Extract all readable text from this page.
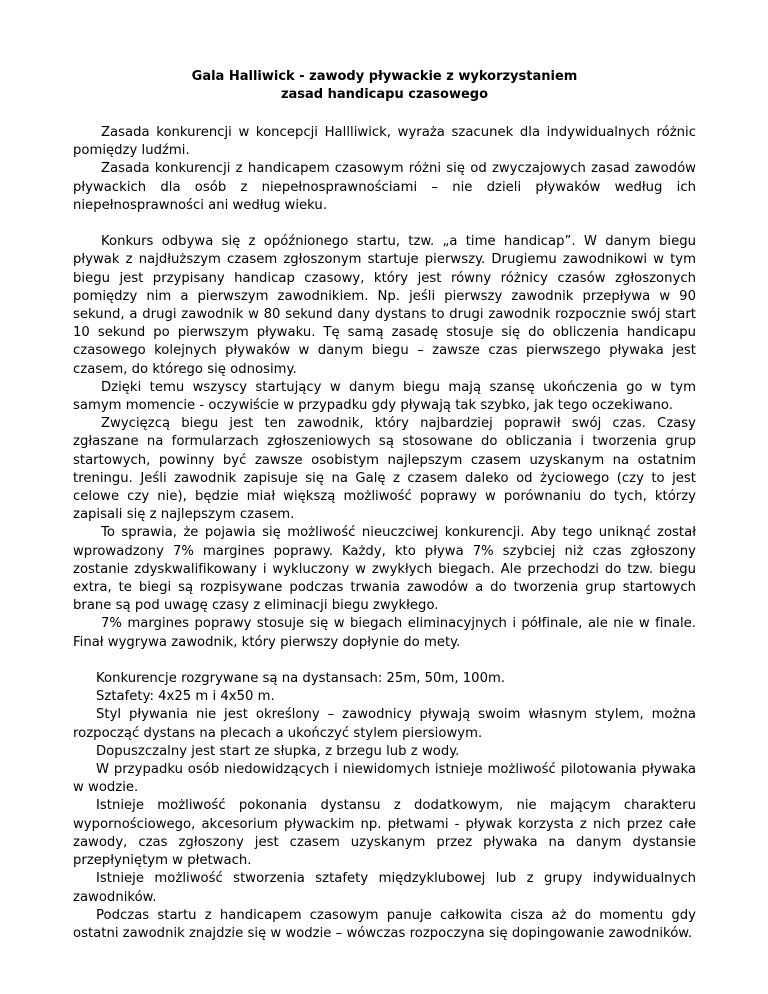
Gala Halliwick - zawody pływackie z wykorzystaniem
zasad handicapu czasowego

Zasada konkurencji w koncepcji Hallliwick, wyraża szacunek dla indywidualnych różnic pomiędzy ludźmi.

Zasada konkurencji z handicapem czasowym różni się od zwyczajowych zasad zawodów pływackich dla osób z niepełnosprawnościami – nie dzieli pływaków według ich niepełnosprawności ani według wieku.

Konkurs odbywa się z opóźnionego startu, tzw. „a time handicap”. W danym biegu pływak z najdłuższym czasem zgłoszonym startuje pierwszy. Drugiemu zawodnikowi w tym biegu jest przypisany handicap czasowy, który jest równy różnicy czasów zgłoszonych pomiędzy nim a pierwszym zawodnikiem. Np. jeśli pierwszy zawodnik przepływa w 90 sekund, a drugi zawodnik w 80 sekund dany dystans to drugi zawodnik rozpocznie swój start 10 sekund po pierwszym pływaku. Tę samą zasadę stosuje się do obliczenia handicapu czasowego kolejnych pływaków w danym biegu – zawsze czas pierwszego pływaka jest czasem, do którego się odnosimy.

Dzięki temu wszyscy startujący w danym biegu mają szansę ukończenia go w tym samym momencie - oczywiście w przypadku gdy pływają tak szybko, jak tego oczekiwano.

Zwycięzcą biegu jest ten zawodnik, który najbardziej poprawił swój czas. Czasy zgłaszane na formularzach zgłoszeniowych są stosowane do obliczania i tworzenia grup startowych, powinny być zawsze osobistym najlepszym czasem uzyskanym na ostatnim treningu. Jeśli zawodnik zapisuje się na Galę z czasem daleko od życiowego (czy to jest celowe czy nie), będzie miał większą możliwość poprawy w porównaniu do tych, którzy zapisali się z najlepszym czasem.

To sprawia, że pojawia się możliwość nieuczciwej konkurencji. Aby tego uniknąć został wprowadzony 7% margines poprawy. Każdy, kto pływa 7% szybciej niż czas zgłoszony zostanie zdyskwalifikowany i wykluczony w zwykłych biegach. Ale przechodzi do tzw. biegu extra, te biegi są rozpisywane podczas trwania zawodów a do tworzenia grup startowych brane są pod uwagę czasy z eliminacji biegu zwykłego.

7% margines poprawy stosuje się w biegach eliminacyjnych i półfinale, ale nie w finale. Finał wygrywa zawodnik, który pierwszy dopłynie do mety.

Konkurencje rozgrywane są na dystansach: 25m, 50m, 100m.

Sztafety: 4x25 m i 4x50 m.

Styl pływania nie jest określony – zawodnicy pływają swoim własnym stylem, można rozpocząć dystans na plecach a ukończyć stylem piersiowym.

Dopuszczalny jest start ze słupka, z brzegu lub z wody.

W przypadku osób niedowidzących i niewidomych istnieje możliwość pilotowania pływaka w wodzie.

Istnieje możliwość pokonania dystansu z dodatkowym, nie mającym charakteru wypornościowego, akcesorium pływackim np. płetwami - pływak korzysta z nich przez całe zawody, czas zgłoszony jest czasem uzyskanym przez pływaka na danym dystansie przepłyniętym w płetwach.

Istnieje możliwość stworzenia sztafety międzyklubowej lub z grupy indywidualnych zawodników.

Podczas startu z handicapem czasowym panuje całkowita cisza aż do momentu gdy ostatni zawodnik znajdzie się w wodzie – wówczas rozpoczyna się dopingowanie zawodników.
